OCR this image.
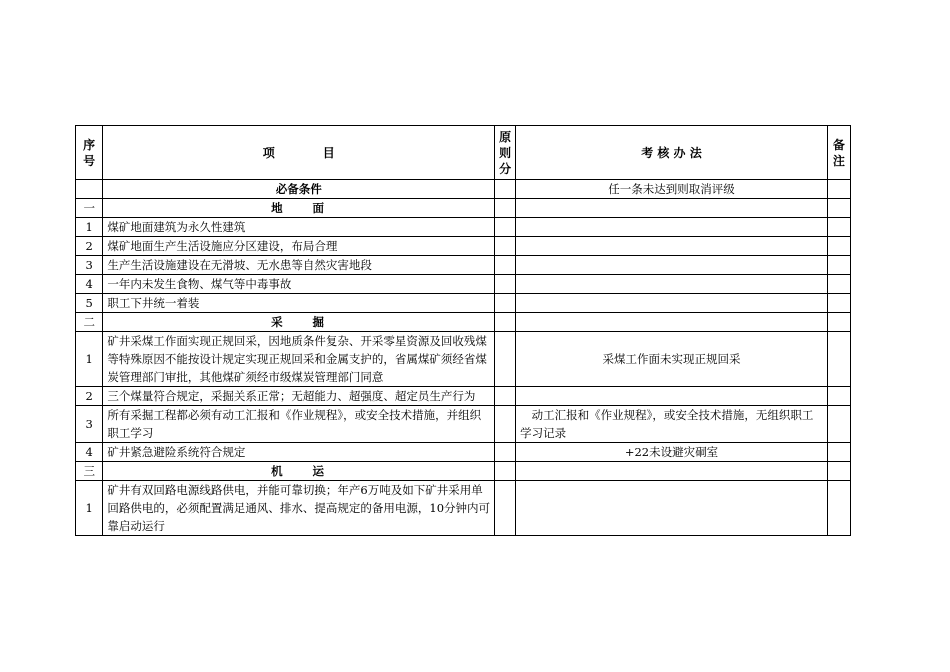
序
号	项　　　　目	原
则
分	考 核 办 法	备
注

	必备条件		任一条未达到则取消评级	
一	地　　面			
1	煤矿地面建筑为永久性建筑			
2	煤矿地面生产生活设施应分区建设，布局合理			
3	生产生活设施建设在无滑坡、无水患等自然灾害地段			
4	一年内未发生食物、煤气等中毒事故			
5	职工下井统一着装			
二	采　　掘			
1	矿井采煤工作面实现正规回采，因地质条件复杂、开采零星资源及回收残煤等特殊原因不能按设计规定实现正规回采和金属支护的，省属煤矿须经省煤炭管理部门审批，其他煤矿须经市级煤炭管理部门同意		采煤工作面未实现正规回采	
2	三个煤量符合规定，采掘关系正常；无超能力、超强度、超定员生产行为			
3	所有采掘工程都必须有动工汇报和《作业规程》，或安全技术措施，并组织职工学习		　动工汇报和《作业规程》，或安全技术措施，无组织职工学习记录	
4	矿井紧急避险系统符合规定		+22未设避灾硐室	
三	机　　运			
1	矿井有双回路电源线路供电，并能可靠切换；年产6万吨及如下矿井采用单回路供电的，必须配置满足通风、排水、提高规定的备用电源，10分钟内可靠启动运行			
